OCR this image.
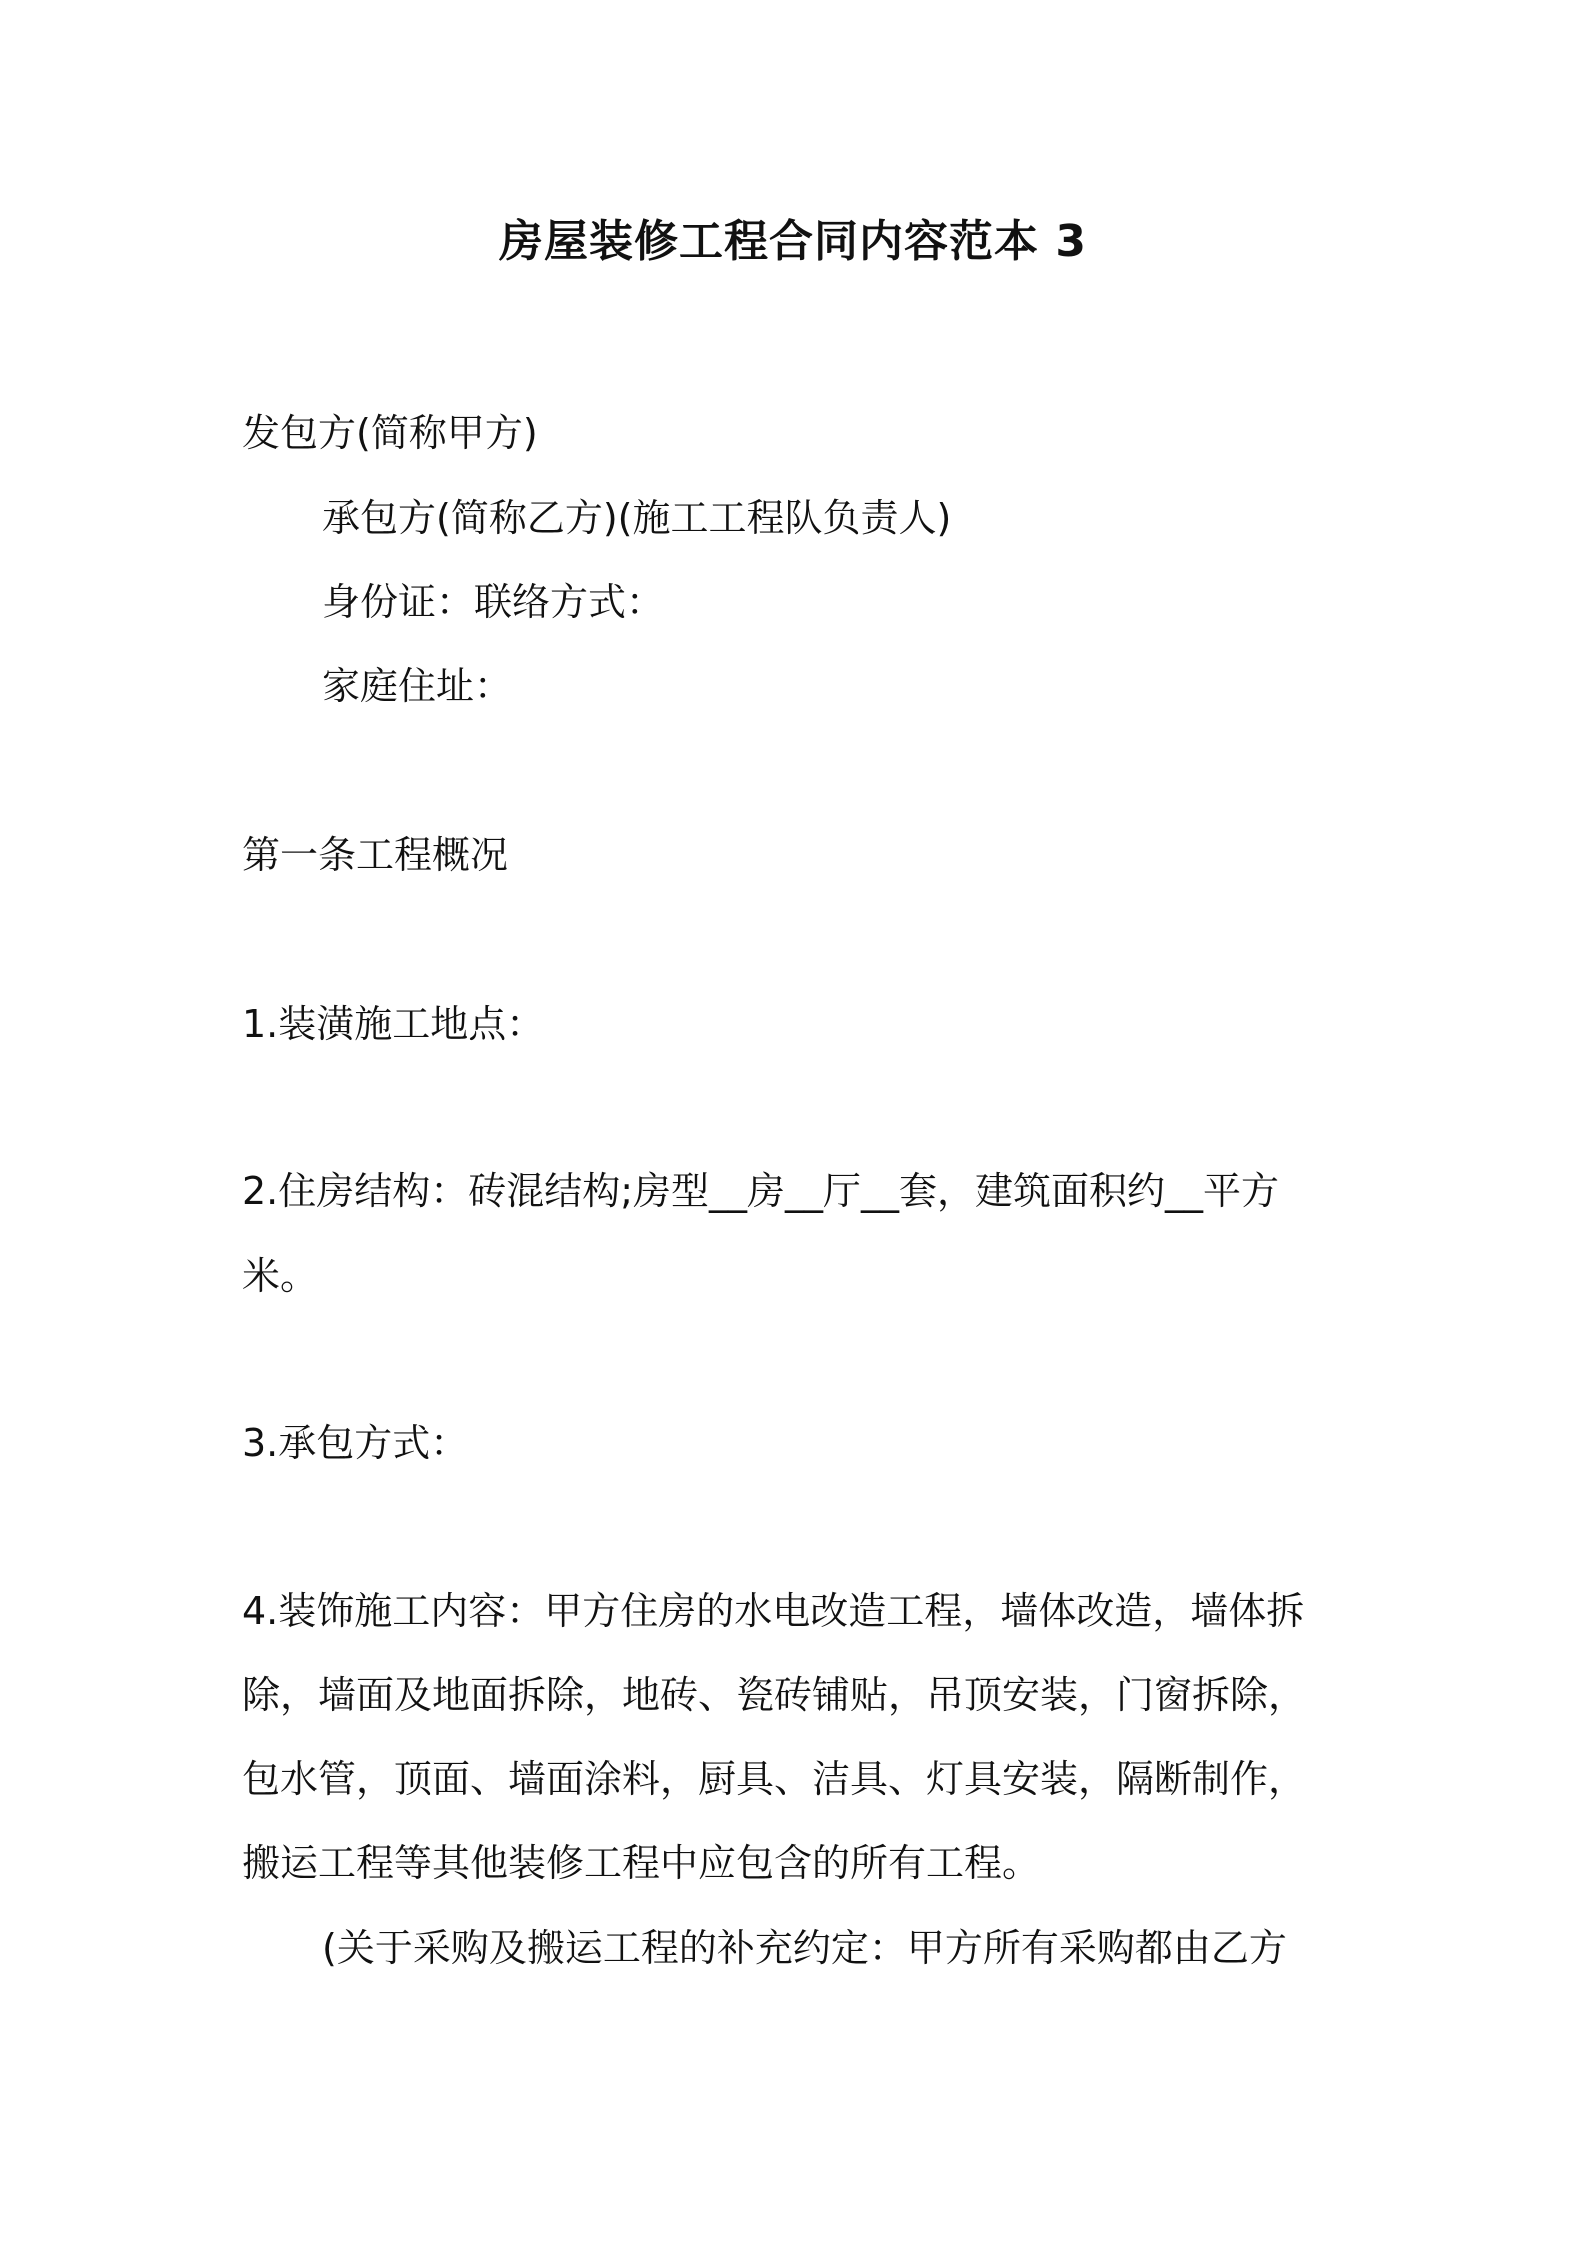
房屋装修工程合同内容范本 3

发包方(简称甲方)

承包方(简称乙方)(施工工程队负责人)

身份证：联络方式：

家庭住址：

第一条工程概况

1.装潢施工地点：

2.住房结构：砖混结构;房型__房__厅__套，建筑面积约__平方

米。

3.承包方式：

4.装饰施工内容：甲方住房的水电改造工程，墙体改造，墙体拆

除，墙面及地面拆除，地砖、瓷砖铺贴，吊顶安装，门窗拆除，

包水管，顶面、墙面涂料，厨具、洁具、灯具安装，隔断制作，

搬运工程等其他装修工程中应包含的所有工程。

(关于采购及搬运工程的补充约定：甲方所有采购都由乙方
